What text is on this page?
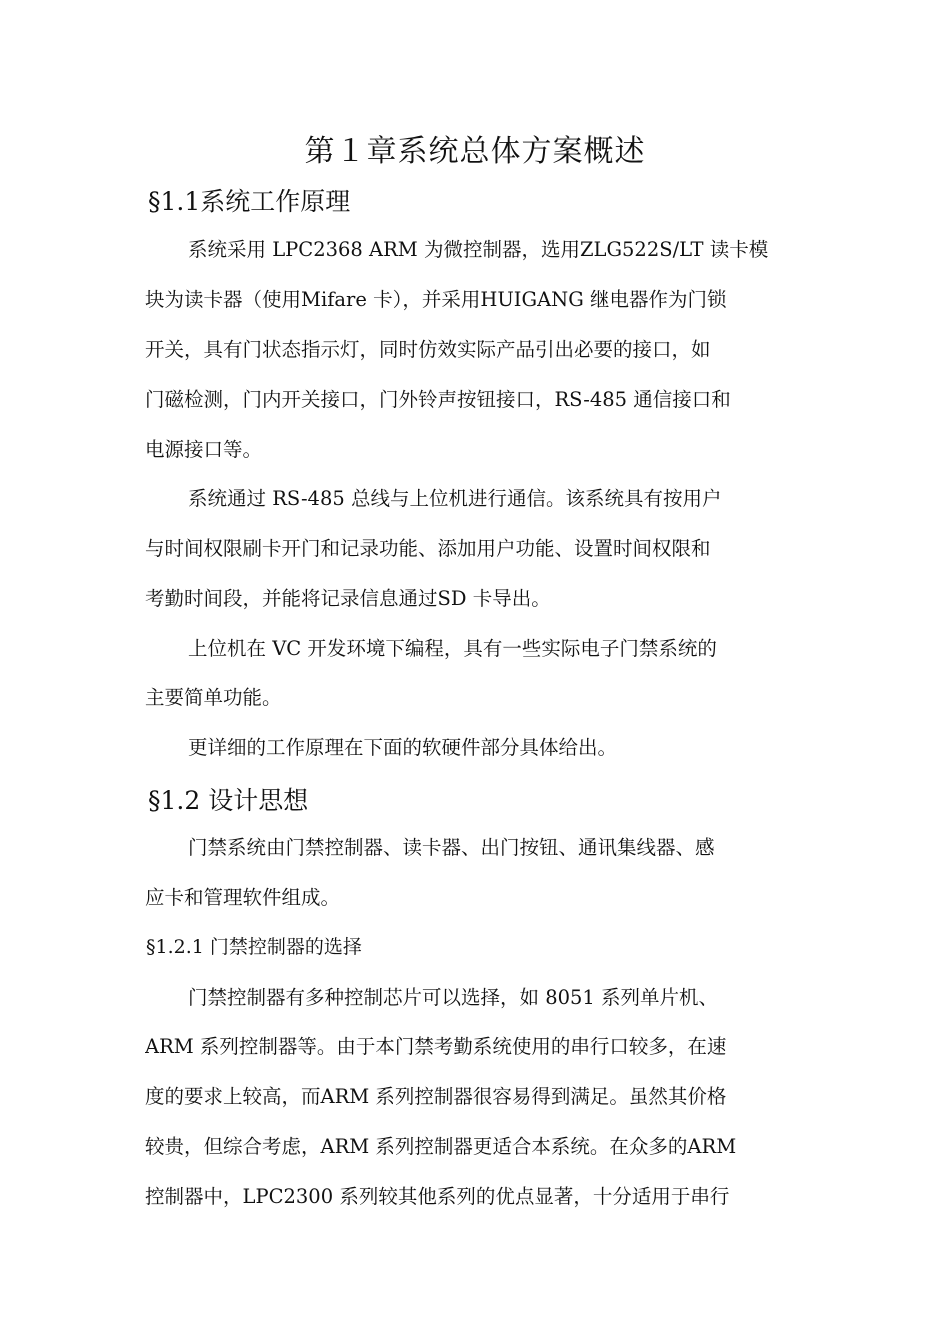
第１章系统总体方案概述
§1.1系统工作原理
系统采用 LPC2368 ARM 为微控制器，选用ZLG522S/LT 读卡模
块为读卡器（使用Mifare 卡），并采用HUIGANG 继电器作为门锁
开关，具有门状态指示灯，同时仿效实际产品引出必要的接口，如
门磁检测，门内开关接口，门外铃声按钮接口，RS-485 通信接口和
电源接口等。
系统通过 RS-485 总线与上位机进行通信。该系统具有按用户
与时间权限刷卡开门和记录功能、添加用户功能、设置时间权限和
考勤时间段，并能将记录信息通过SD 卡导出。
上位机在 VC 开发环境下编程，具有一些实际电子门禁系统的
主要简单功能。
更详细的工作原理在下面的软硬件部分具体给出。
§1.2 设计思想
门禁系统由门禁控制器、读卡器、出门按钮、通讯集线器、感
应卡和管理软件组成。
§1.2.1 门禁控制器的选择
门禁控制器有多种控制芯片可以选择，如 8051 系列单片机、
ARM 系列控制器等。由于本门禁考勤系统使用的串行口较多，在速
度的要求上较高，而ARM 系列控制器很容易得到满足。虽然其价格
较贵，但综合考虑，ARM 系列控制器更适合本系统。在众多的ARM
控制器中，LPC2300 系列较其他系列的优点显著，十分适用于串行
